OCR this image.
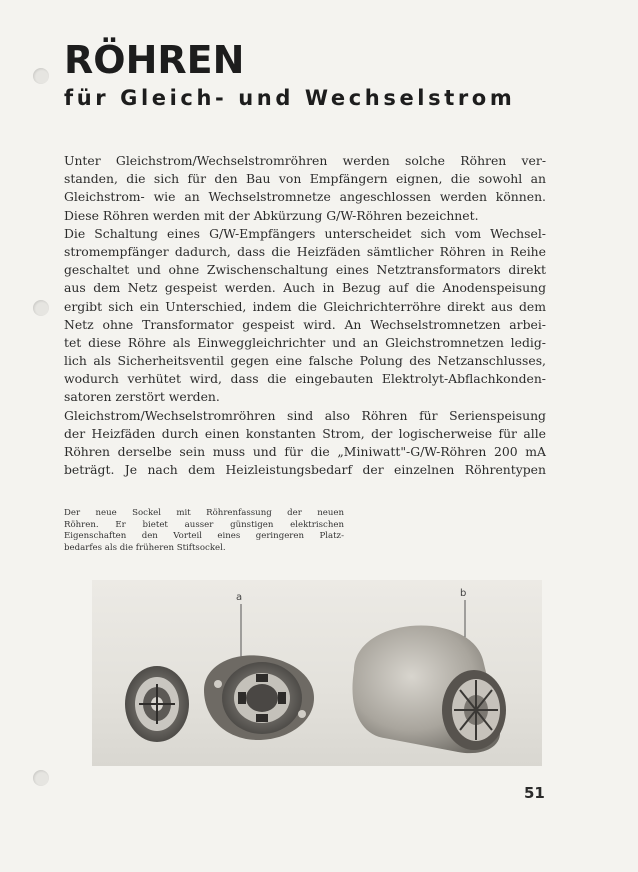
RÖHREN
für Gleich- und Wechselstrom
Unter Gleichstrom/Wechselstromröhren werden solche Röhren ver-
standen, die sich für den Bau von Empfängern eignen, die sowohl an
Gleichstrom- wie an Wechselstromnetze angeschlossen werden können.
Diese Röhren werden mit der Abkürzung G/W-Röhren bezeichnet.
Die Schaltung eines G/W-Empfängers unterscheidet sich vom Wechsel-
stromempfänger dadurch, dass die Heizfäden sämtlicher Röhren in Reihe
geschaltet und ohne Zwischenschaltung eines Netztransformators direkt
aus dem Netz gespeist werden. Auch in Bezug auf die Anodenspeisung
ergibt sich ein Unterschied, indem die Gleichrichterröhre direkt aus dem
Netz ohne Transformator gespeist wird. An Wechselstromnetzen arbei-
tet diese Röhre als Einweggleichrichter und an Gleichstromnetzen ledig-
lich als Sicherheitsventil gegen eine falsche Polung des Netzanschlusses,
wodurch verhütet wird, dass die eingebauten Elektrolyt-Abflachkonden-
satoren zerstört werden.
Gleichstrom/Wechselstromröhren sind also Röhren für Serienspeisung
der Heizfäden durch einen konstanten Strom, der logischerweise für alle
Röhren derselbe sein muss und für die „Miniwatt"-G/W-Röhren 200 mA
beträgt. Je nach dem Heizleistungsbedarf der einzelnen Röhrentypen
Der neue Sockel mit Röhrenfassung der neuen
Röhren. Er bietet ausser günstigen elektrischen
Eigenschaften den Vorteil eines geringeren Platz-
bedarfes als die früheren Stiftsockel.
a	b
51
